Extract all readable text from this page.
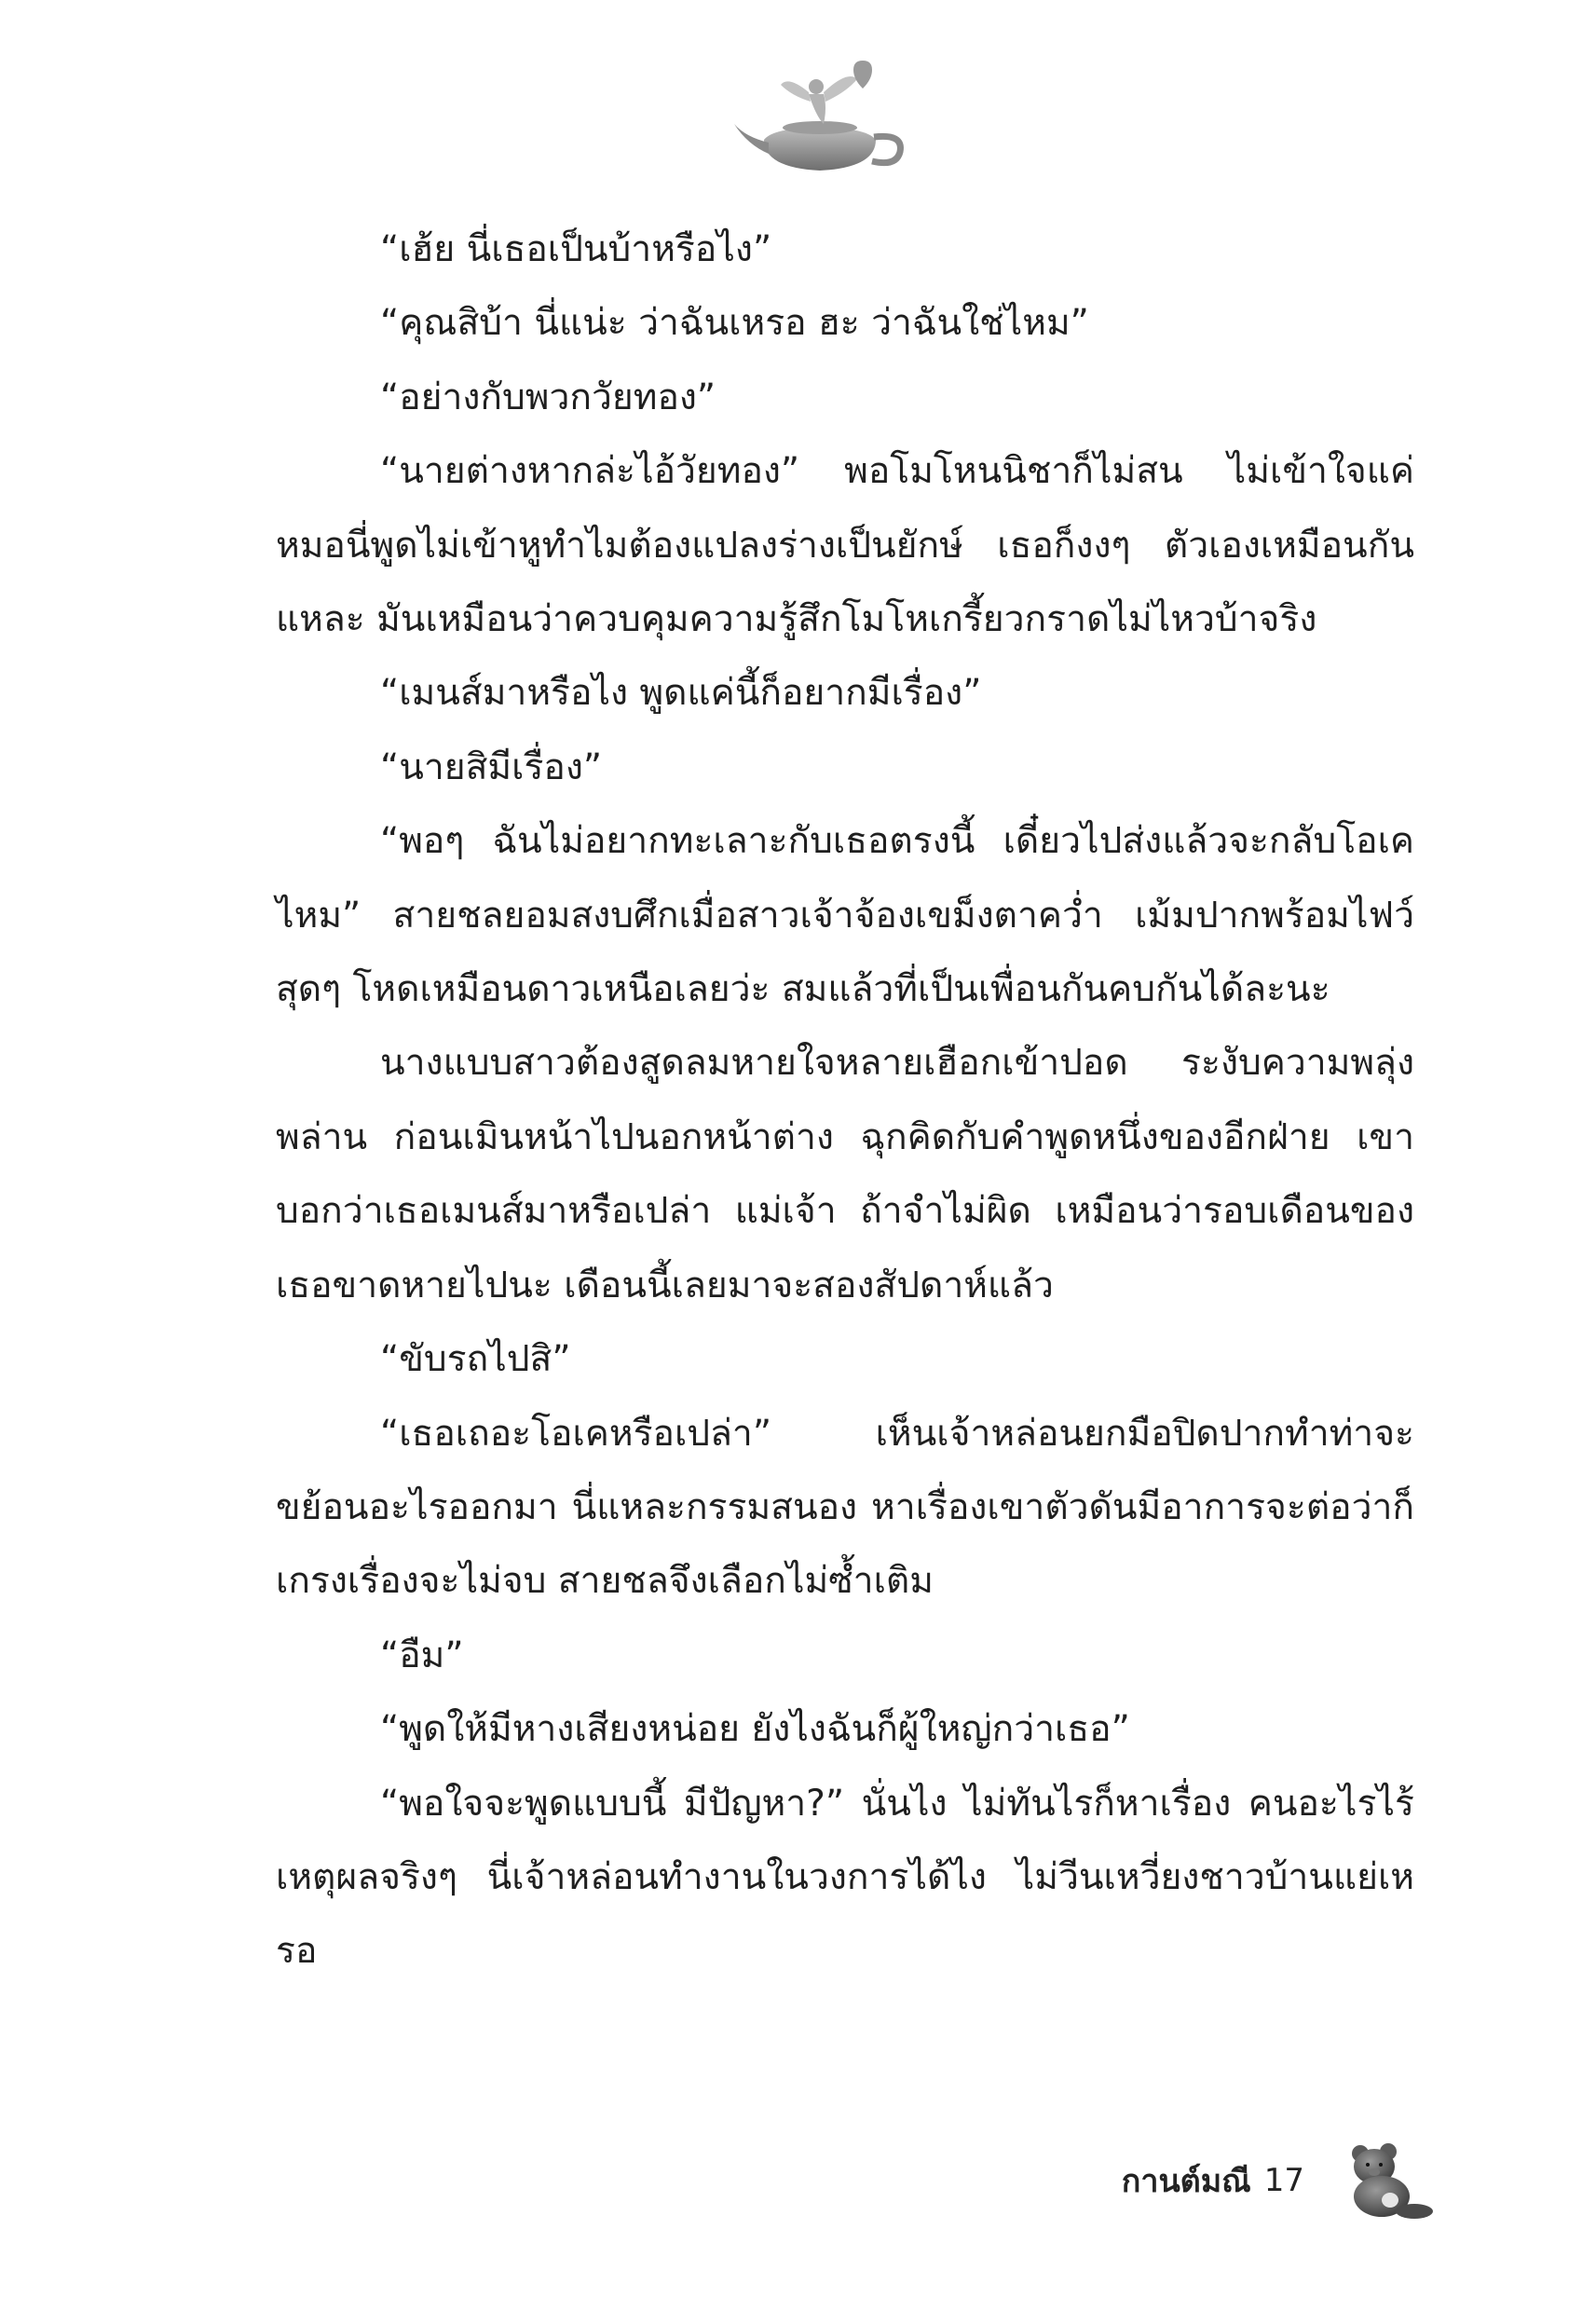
“เฮ้ย นี่เธอเป็นบ้าหรือไง”

“คุณสิบ้า นี่แน่ะ ว่าฉันเหรอ ฮะ ว่าฉันใช่ไหม”

“อย่างกับพวกวัยทอง”

“นายต่างหากล่ะไอ้วัยทอง” พอโมโหนนิชาก็ไม่สน ไม่เข้าใจแค่หมอนี่พูดไม่เข้าหูทำไมต้องแปลงร่างเป็นยักษ์ เธอก็งงๆ ตัวเองเหมือนกันแหละ มันเหมือนว่าควบคุมความรู้สึกโมโหเกรี้ยวกราดไม่ไหวบ้าจริง

“เมนส์มาหรือไง พูดแค่นี้ก็อยากมีเรื่อง”

“นายสิมีเรื่อง”

“พอๆ ฉันไม่อยากทะเลาะกับเธอตรงนี้ เดี๋ยวไปส่งแล้วจะกลับโอเคไหม” สายชลยอมสงบศึกเมื่อสาวเจ้าจ้องเขม็งตาคว่ำ เม้มปากพร้อมไฟว์สุดๆ โหดเหมือนดาวเหนือเลยว่ะ สมแล้วที่เป็นเพื่อนกันคบกันได้ละนะ

นางแบบสาวต้องสูดลมหายใจหลายเฮือกเข้าปอด ระงับความพลุ่งพล่าน ก่อนเมินหน้าไปนอกหน้าต่าง ฉุกคิดกับคำพูดหนึ่งของอีกฝ่าย เขาบอกว่าเธอเมนส์มาหรือเปล่า แม่เจ้า ถ้าจำไม่ผิด เหมือนว่ารอบเดือนของเธอขาดหายไปนะ เดือนนี้เลยมาจะสองสัปดาห์แล้ว

“ขับรถไปสิ”

“เธอเถอะโอเคหรือเปล่า” เห็นเจ้าหล่อนยกมือปิดปากทำท่าจะขย้อนอะไรออกมา นี่แหละกรรมสนอง หาเรื่องเขาตัวดันมีอาการจะต่อว่าก็เกรงเรื่องจะไม่จบ สายชลจึงเลือกไม่ซ้ำเติม

“อืม”

“พูดให้มีหางเสียงหน่อย ยังไงฉันก็ผู้ใหญ่กว่าเธอ”

“พอใจจะพูดแบบนี้ มีปัญหา?” นั่นไง ไม่ทันไรก็หาเรื่อง คนอะไรไร้เหตุผลจริงๆ นี่เจ้าหล่อนทำงานในวงการได้ไง ไม่วีนเหวี่ยงชาวบ้านแย่เหรอ

กานต์มณี 17
